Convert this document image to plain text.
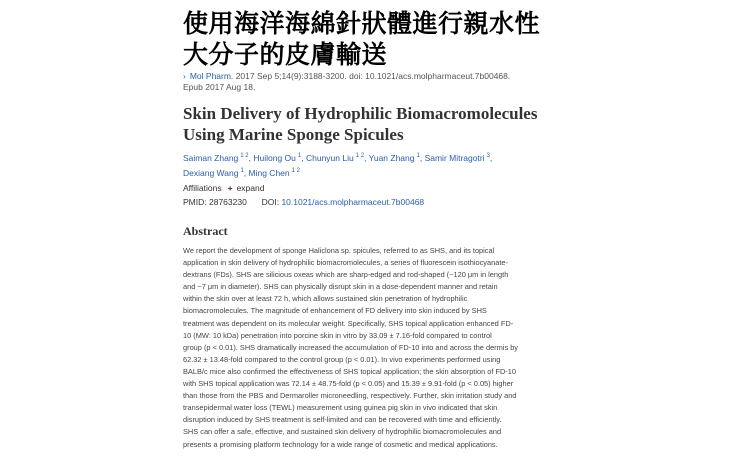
使用海洋海綿針狀體進行親水性
大分子的皮膚輸送
› Mol Pharm. 2017 Sep 5;14(9):3188-3200. doi: 10.1021/acs.molpharmaceut.7b00468.
Epub 2017 Aug 18.
Skin Delivery of Hydrophilic Biomacromolecules
Using Marine Sponge Spicules
Saiman Zhang $^{1 2}$, Huilong Ou $^1$, Chunyun Liu $^{1 2}$, Yuan Zhang $^1$, Samir Mitragotri $^3$,
Dexiang Wang $^1$, Ming Chen $^{1 2}$
Affiliations + expand
PMID: 28763230 DOI: 10.1021/acs.molpharmaceut.7b00468
Abstract

We report the development of sponge Haliclona sp. spicules, referred to as SHS, and its topical

application in skin delivery of hydrophilic biomacromolecules, a series of fluorescein isothiocyanate-

dextrans (FDs). SHS are silicious oxeas which are sharp-edged and rod-shaped (~120 μm in length

and ~7 μm in diameter). SHS can physically disrupt skin in a dose-dependent manner and retain

within the skin over at least 72 h, which allows sustained skin penetration of hydrophilic

biomacromolecules. The magnitude of enhancement of FD delivery into skin induced by SHS

treatment was dependent on its molecular weight. Specifically, SHS topical application enhanced FD-

10 (MW: 10 kDa) penetration into porcine skin in vitro by 33.09 ± 7.16-fold compared to control

group (p < 0.01). SHS dramatically increased the accumulation of FD-10 into and across the dermis by

62.32 ± 13.48-fold compared to the control group (p < 0.01). In vivo experiments performed using

BALB/c mice also confirmed the effectiveness of SHS topical application; the skin absorption of FD-10

with SHS topical application was 72.14 ± 48.75-fold (p < 0.05) and 15.39 ± 9.91-fold (p < 0.05) higher

than those from the PBS and Dermaroller microneedling, respectively. Further, skin irritation study and

transepidermal water loss (TEWL) measurement using guinea pig skin in vivo indicated that skin

disruption induced by SHS treatment is self-limited and can be recovered with time and efficiently.

SHS can offer a safe, effective, and sustained skin delivery of hydrophilic biomacromolecules and

presents a promising platform technology for a wide range of cosmetic and medical applications.
